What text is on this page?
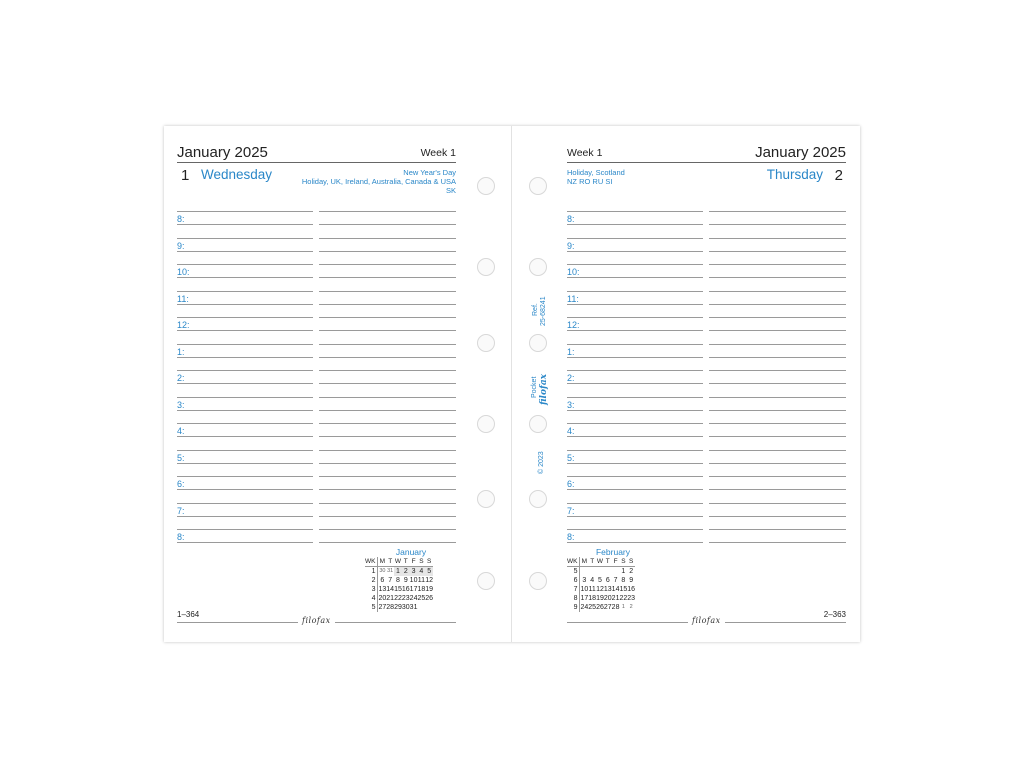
January 2025	Week 1
1 Wednesday	New Year's Day
Holiday, UK, Ireland, Australia, Canada & USA
SK
8:
9:
10:
11:
12:
1:
2:
3:
4:
5:
6:
7:
8:
January
WK	M	T	W	T	F	S	S
1	30	31	1	2	3	4	5
2	6	7	8	9	10	11	12
3	13	14	15	16	17	18	19
4	20	21	22	23	24	25	26
5	27	28	29	30	31		
1–364
filofax
Week 1	January 2025
Holiday, Scotland
NZ RO RU SI	Thursday 2
8:
9:
10:
11:
12:
1:
2:
3:
4:
5:
6:
7:
8:
February
WK	M	T	W	T	F	S	S
5						1	2
6	3	4	5	6	7	8	9
7	10	11	12	13	14	15	16
8	17	18	19	20	21	22	23
9	24	25	26	27	28	1	2
filofax
2–363
Ref. 25-68241
Pocket filofax
© 2023
